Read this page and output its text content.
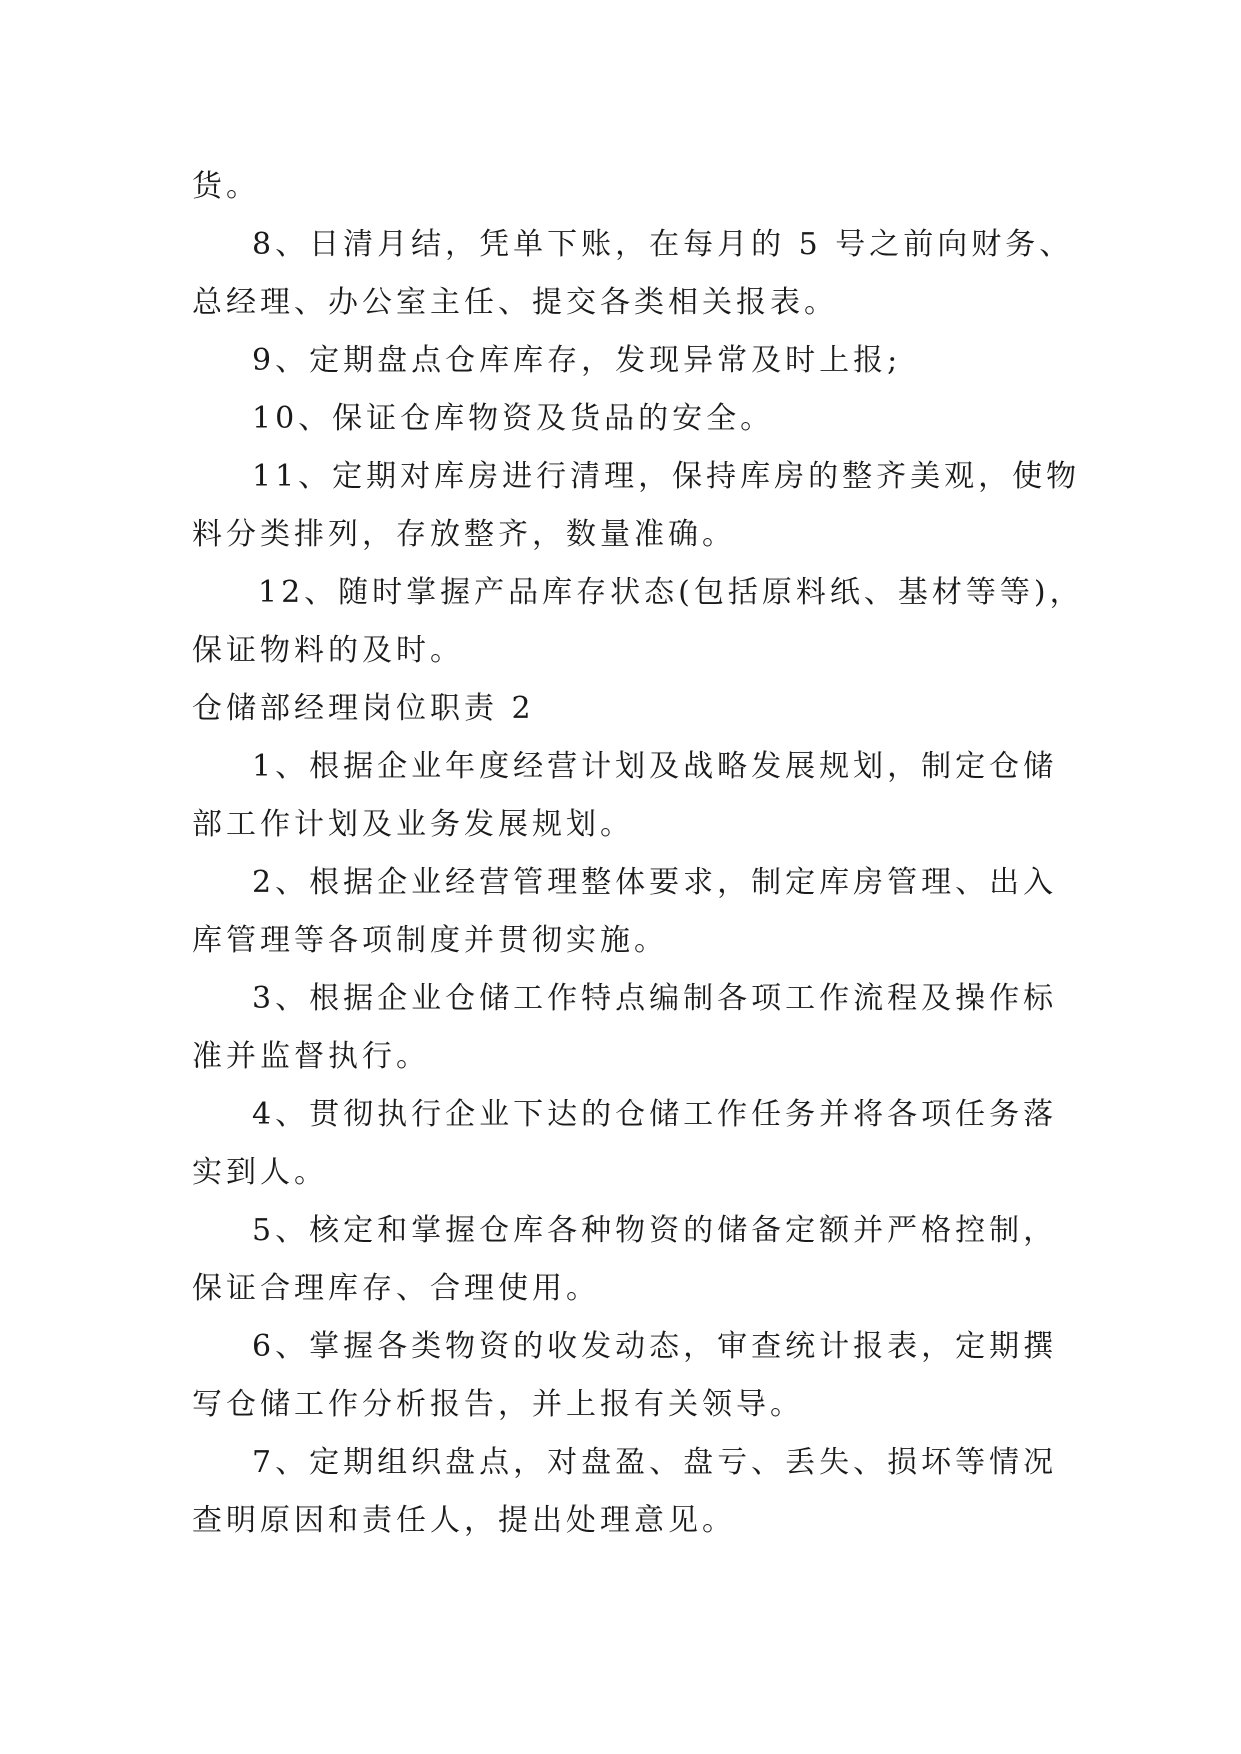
货。
8、日清月结，凭单下账，在每月的 5 号之前向财务、
总经理、办公室主任、提交各类相关报表。
9、定期盘点仓库库存，发现异常及时上报;
10、保证仓库物资及货品的安全。
11、定期对库房进行清理，保持库房的整齐美观，使物
料分类排列，存放整齐，数量准确。
12、随时掌握产品库存状态(包括原料纸、基材等等)，
保证物料的及时。
仓储部经理岗位职责 2
1、根据企业年度经营计划及战略发展规划，制定仓储
部工作计划及业务发展规划。
2、根据企业经营管理整体要求，制定库房管理、出入
库管理等各项制度并贯彻实施。
3、根据企业仓储工作特点编制各项工作流程及操作标
准并监督执行。
4、贯彻执行企业下达的仓储工作任务并将各项任务落
实到人。
5、核定和掌握仓库各种物资的储备定额并严格控制，
保证合理库存、合理使用。
6、掌握各类物资的收发动态，审查统计报表，定期撰
写仓储工作分析报告，并上报有关领导。
7、定期组织盘点，对盘盈、盘亏、丢失、损坏等情况
查明原因和责任人，提出处理意见。
